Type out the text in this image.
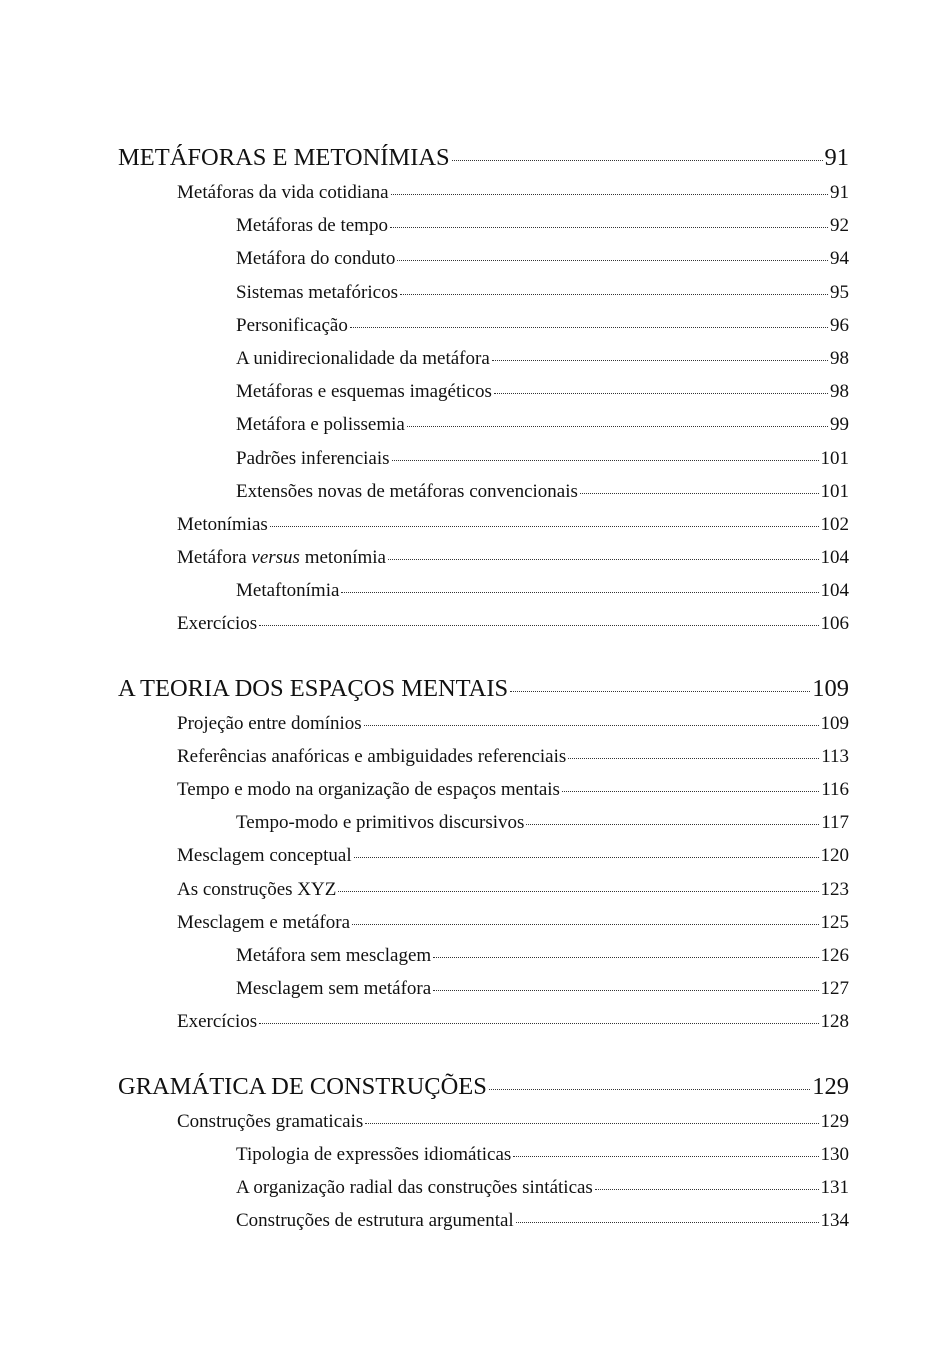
METÁFORAS E METONÍMIAS	91
Metáforas da vida cotidiana	91
Metáforas de tempo	92
Metáfora do conduto	94
Sistemas metafóricos	95
Personificação	96
A unidirecionalidade da metáfora	98
Metáforas e esquemas imagéticos	98
Metáfora e polissemia	99
Padrões inferenciais	101
Extensões novas de metáforas convencionais	101
Metonímias	102
Metáfora versus metonímia	104
Metaftonímia	104
Exercícios	106
A TEORIA DOS ESPAÇOS MENTAIS	109
Projeção entre domínios	109
Referências anafóricas e ambiguidades referenciais	113
Tempo e modo na organização de espaços mentais	116
Tempo-modo e primitivos discursivos	117
Mesclagem conceptual	120
As construções XYZ	123
Mesclagem e metáfora	125
Metáfora sem mesclagem	126
Mesclagem sem metáfora	127
Exercícios	128
GRAMÁTICA DE CONSTRUÇÕES	129
Construções gramaticais	129
Tipologia de expressões idiomáticas	130
A organização radial das construções sintáticas	131
Construções de estrutura argumental	134
